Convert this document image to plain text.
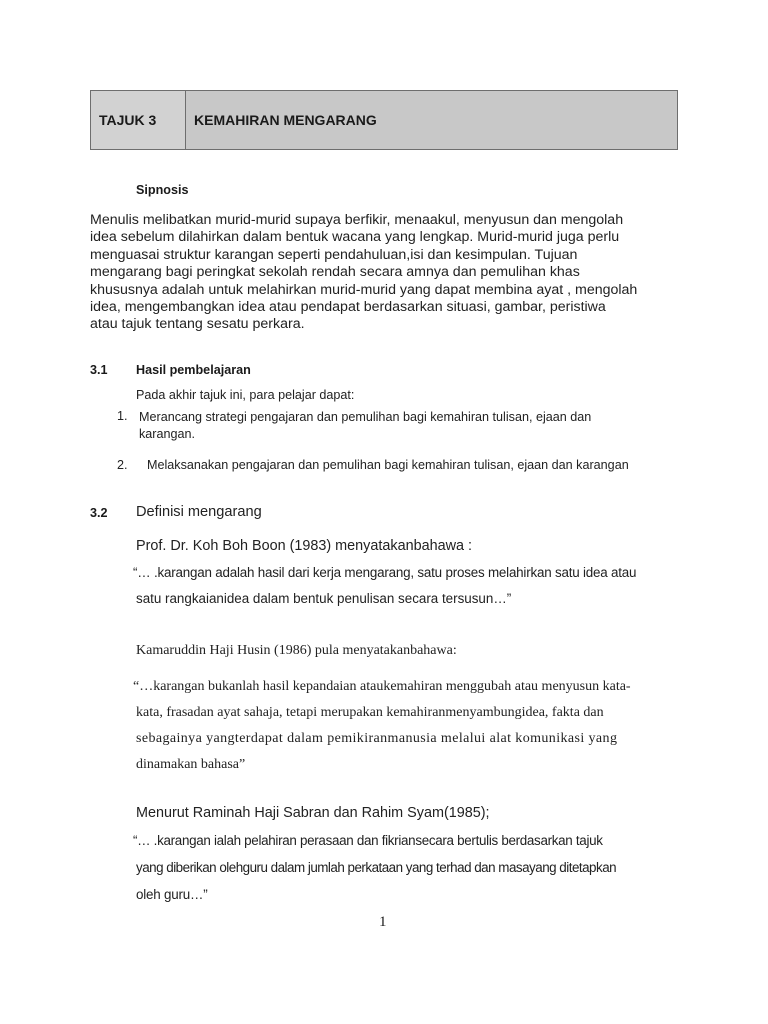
TAJUK 3	KEMAHIRAN MENGARANG
Sipnosis
Menulis melibatkan murid-murid supaya berfikir, menaakul, menyusun dan mengolah
idea sebelum dilahirkan dalam bentuk wacana yang lengkap. Murid-murid juga perlu
menguasai struktur karangan seperti pendahuluan,isi dan kesimpulan. Tujuan
mengarang bagi peringkat sekolah rendah secara amnya dan pemulihan khas
khususnya adalah untuk melahirkan murid-murid yang dapat membina ayat , mengolah
idea, mengembangkan idea atau pendapat berdasarkan situasi, gambar, peristiwa
atau tajuk tentang sesatu perkara.
3.1 Hasil pembelajaran
Pada akhir tajuk ini, para pelajar dapat:
1. Merancang strategi pengajaran dan pemulihan bagi kemahiran tulisan, ejaan dan
karangan.
2. Melaksanakan pengajaran dan pemulihan bagi kemahiran tulisan, ejaan dan karangan
3.2 Definisi mengarang
Prof. Dr. Koh Boh Boon (1983) menyatakanbahawa :
“… .karangan adalah hasil dari kerja mengarang, satu proses melahirkan satu idea atau
satu rangkaianidea dalam bentuk penulisan secara tersusun…”
Kamaruddin Haji Husin (1986) pula menyatakanbahawa:
“…karangan bukanlah hasil kepandaian ataukemahiran menggubah atau menyusun kata-
kata, frasadan ayat sahaja, tetapi merupakan kemahiranmenyambungidea, fakta dan
sebagainya yangterdapat dalam pemikiranmanusia melalui alat komunikasi yang
dinamakan bahasa”
Menurut Raminah Haji Sabran dan Rahim Syam(1985);
“… .karangan ialah pelahiran perasaan dan fikriansecara bertulis berdasarkan tajuk
yang diberikan olehguru dalam jumlah perkataan yang terhad dan masayang ditetapkan
oleh guru…”
1
